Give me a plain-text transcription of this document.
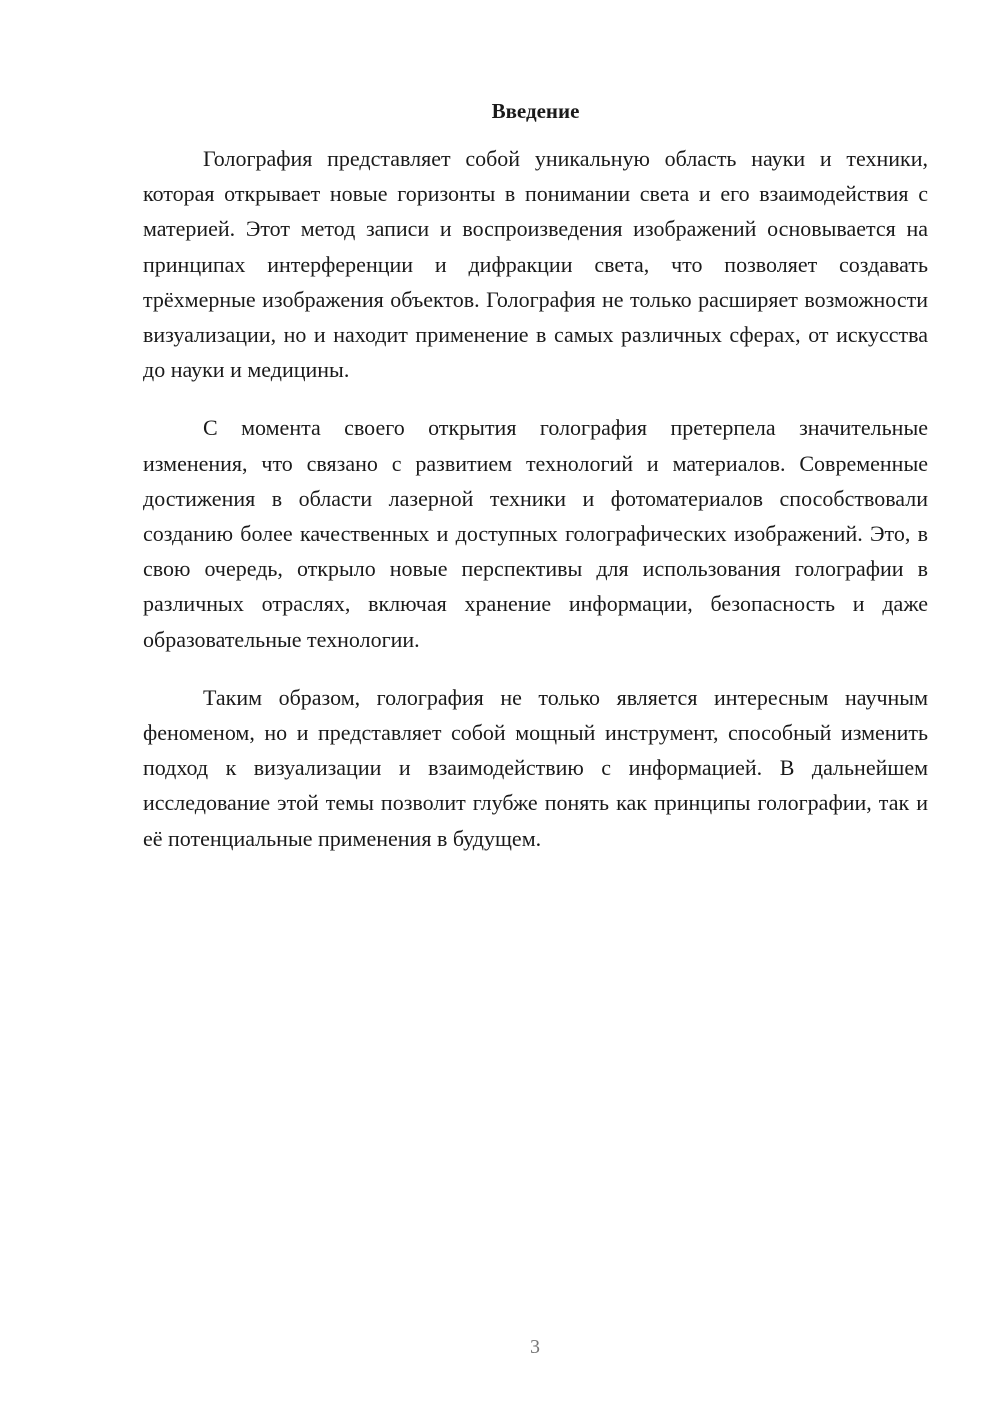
Введение

Голография представляет собой уникальную область науки и техники, которая открывает новые горизонты в понимании света и его взаимодействия с материей. Этот метод записи и воспроизведения изображений основывается на принципах интерференции и дифракции света, что позволяет создавать трёхмерные изображения объектов. Голография не только расширяет возможности визуализации, но и находит применение в самых различных сферах, от искусства до науки и медицины.

С момента своего открытия голография претерпела значительные изменения, что связано с развитием технологий и материалов. Современные достижения в области лазерной техники и фотоматериалов способствовали созданию более качественных и доступных голографических изображений. Это, в свою очередь, открыло новые перспективы для использования голографии в различных отраслях, включая хранение информации, безопасность и даже образовательные технологии.

Таким образом, голография не только является интересным научным феноменом, но и представляет собой мощный инструмент, способный изменить подход к визуализации и взаимодействию с информацией. В дальнейшем исследование этой темы позволит глубже понять как принципы голографии, так и её потенциальные применения в будущем.

3
